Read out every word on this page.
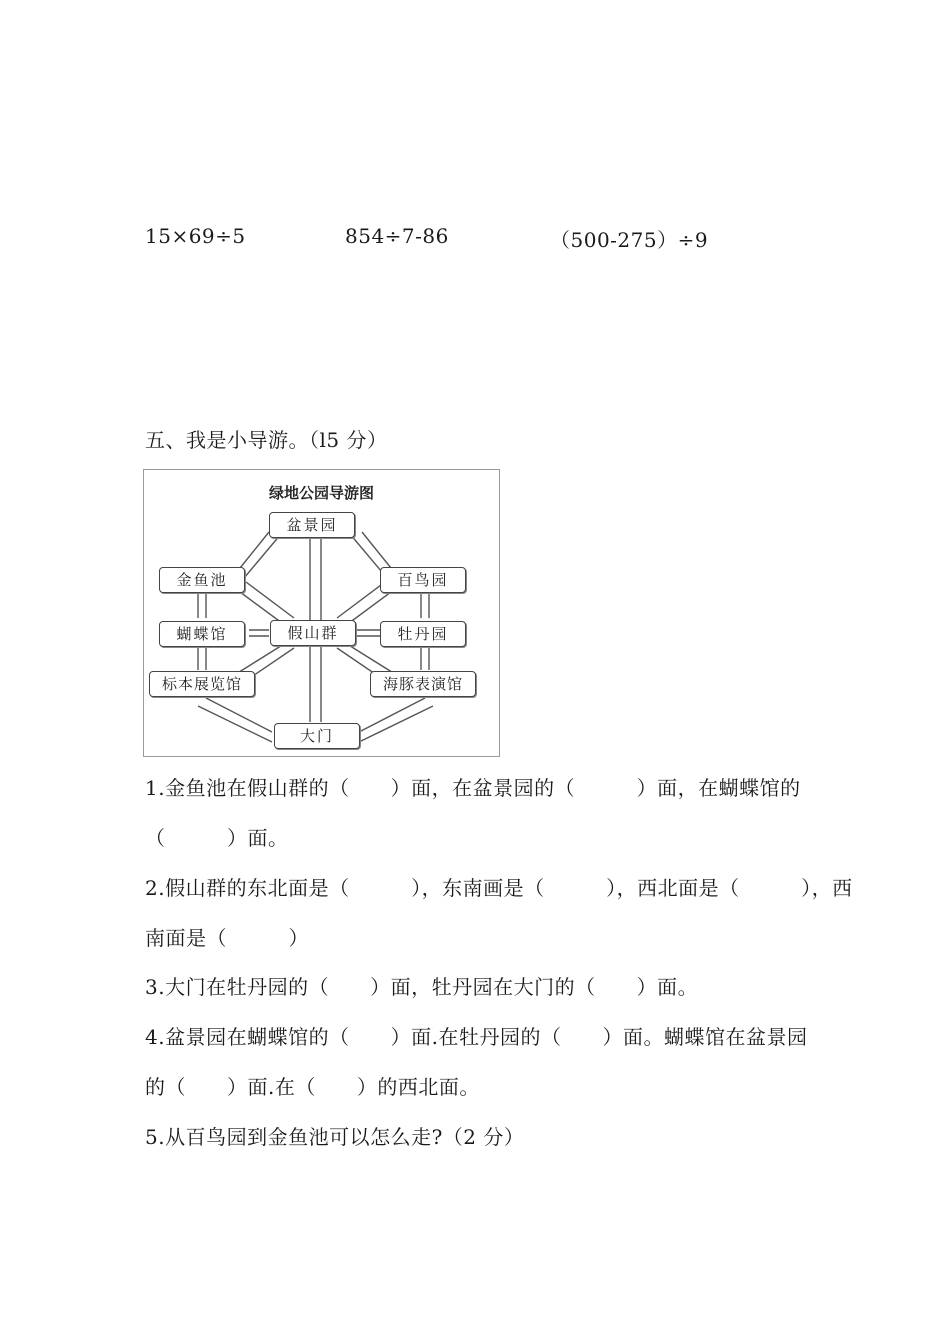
15×69÷5	854÷7-86	（500-275）÷9
五、我是小导游。（l5 分）
绿地公园导游图
盆景园
金鱼池	百鸟园
蝴蝶馆	假山群	牡丹园
标本展览馆	海豚表演馆
大门
1.金鱼池在假山群的（　　）面，在盆景园的（　　　）面，在蝴蝶馆的
（　　　）面。
2.假山群的东北面是（　　　），东南画是（　　　），西北面是（　　　），西
南面是（　　　）
3.大门在牡丹园的（　　）面，牡丹园在大门的（　　）面。
4.盆景园在蝴蝶馆的（　　）面.在牡丹园的（　　）面。蝴蝶馆在盆景园
的（　　）面.在（　　）的西北面。
5.从百鸟园到金鱼池可以怎么走?（2 分）
